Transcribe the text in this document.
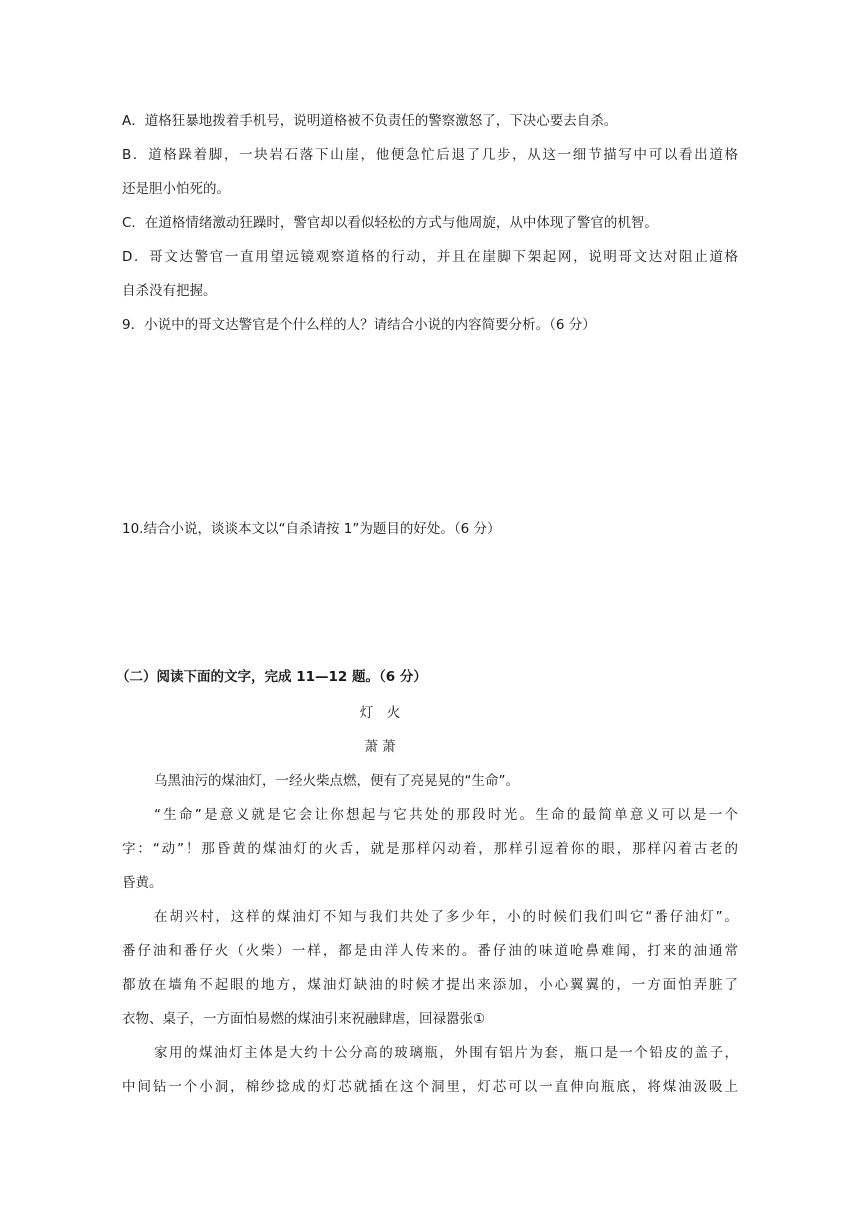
A．道格狂暴地拨着手机号，说明道格被不负责任的警察激怒了，下决心要去自杀。
B．道格跺着脚，一块岩石落下山崖，他便急忙后退了几步，从这一细节描写中可以看出道格
还是胆小怕死的。
C．在道格情绪激动狂躁时，警官却以看似轻松的方式与他周旋，从中体现了警官的机智。
D．哥文达警官一直用望远镜观察道格的行动，并且在崖脚下架起网，说明哥文达对阻止道格
自杀没有把握。
9．小说中的哥文达警官是个什么样的人？请结合小说的内容简要分析。（6 分）
10.结合小说，谈谈本文以“自杀请按 1”为题目的好处。（6 分）
（二）阅读下面的文字，完成 11—12 题。（6 分）
灯　火
萧 萧
乌黑油污的煤油灯，一经火柴点燃，便有了亮晃晃的“生命”。
“生命”是意义就是它会让你想起与它共处的那段时光。生命的最简单意义可以是一个
字：“动”！那昏黄的煤油灯的火舌，就是那样闪动着，那样引逗着你的眼，那样闪着古老的
昏黄。
在胡兴村，这样的煤油灯不知与我们共处了多少年，小的时候们我们叫它“番仔油灯”。
番仔油和番仔火（火柴）一样，都是由洋人传来的。番仔油的味道呛鼻难闻，打来的油通常
都放在墙角不起眼的地方，煤油灯缺油的时候才提出来添加，小心翼翼的，一方面怕弄脏了
衣物、桌子，一方面怕易燃的煤油引来祝融肆虐，回禄嚣张①
家用的煤油灯主体是大约十公分高的玻璃瓶，外围有铝片为套，瓶口是一个铅皮的盖子，
中间钻一个小洞，棉纱捻成的灯芯就插在这个洞里，灯芯可以一直伸向瓶底，将煤油汲吸上
